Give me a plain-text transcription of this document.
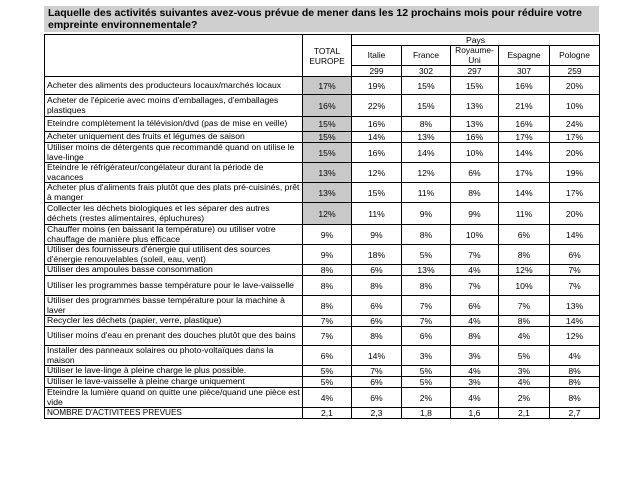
Laquelle des activités suivantes avez-vous prévue de mener dans les 12 prochains mois pour réduire votre empreinte environnementale?
	TOTAL EUROPE	Pays				
		Italie	France	Royaume-Uni	Espagne	Pologne
		299	302	297	307	259
Acheter des aliments des producteurs locaux/marchés locaux	17%	19%	15%	15%	16%	20%
Acheter de l'épicerie avec moins d'emballages, d'emballages plastiques	16%	22%	15%	13%	21%	10%
Eteindre complètement la télévision/dvd (pas de mise en veille)	15%	16%	8%	13%	16%	24%
Acheter uniquement des fruits et légumes de saison	15%	14%	13%	16%	17%	17%
Utiliser moins de détergents que recommandé quand on utilise le lave-linge	15%	16%	14%	10%	14%	20%
Eteindre le réfrigérateur/congélateur durant la période de vacances	13%	12%	12%	6%	17%	19%
Acheter plus d'aliments frais plutôt que des plats pré-cuisinés, prêt à manger	13%	15%	11%	8%	14%	17%
Collecter les déchets biologiques et les séparer des autres déchets (restes alimentaires, épluchures)	12%	11%	9%	9%	11%	20%
Chauffer moins (en baissant la température) ou utiliser votre chauffage de manière plus efficace	9%	9%	8%	10%	6%	14%
Utiliser des fournisseurs d'énergie qui utilisent des sources d'énergie renouvelables (soleil, eau, vent)	9%	18%	5%	7%	8%	6%
Utiliser des ampoules basse consommation	8%	6%	13%	4%	12%	7%
Utiliser les programmes basse température pour le lave-vaisselle	8%	8%	8%	7%	10%	7%
Utiliser des programmes basse température pour la machine à laver	8%	6%	7%	6%	7%	13%
Recycler les déchets (papier, verre, plastique)	7%	6%	7%	4%	8%	14%
Utiliser moins d'eau en prenant des douches plutôt que des bains	7%	8%	6%	8%	4%	12%
Installer des panneaux solaires ou photo-voltaïques dans la maison	6%	14%	3%	3%	5%	4%
Utiliser le lave-linge à pleine charge le plus possible.	5%	7%	5%	4%	3%	8%
Utiliser le lave-vaisselle à pleine charge uniquement	5%	6%	5%	3%	4%	8%
Eteindre la lumière quand on quitte une pièce/quand une pièce est vide	4%	6%	2%	4%	2%	8%
NOMBRE D'ACTIVITEES PREVUES	2,1	2,3	1,8	1,6	2,1	2,7
